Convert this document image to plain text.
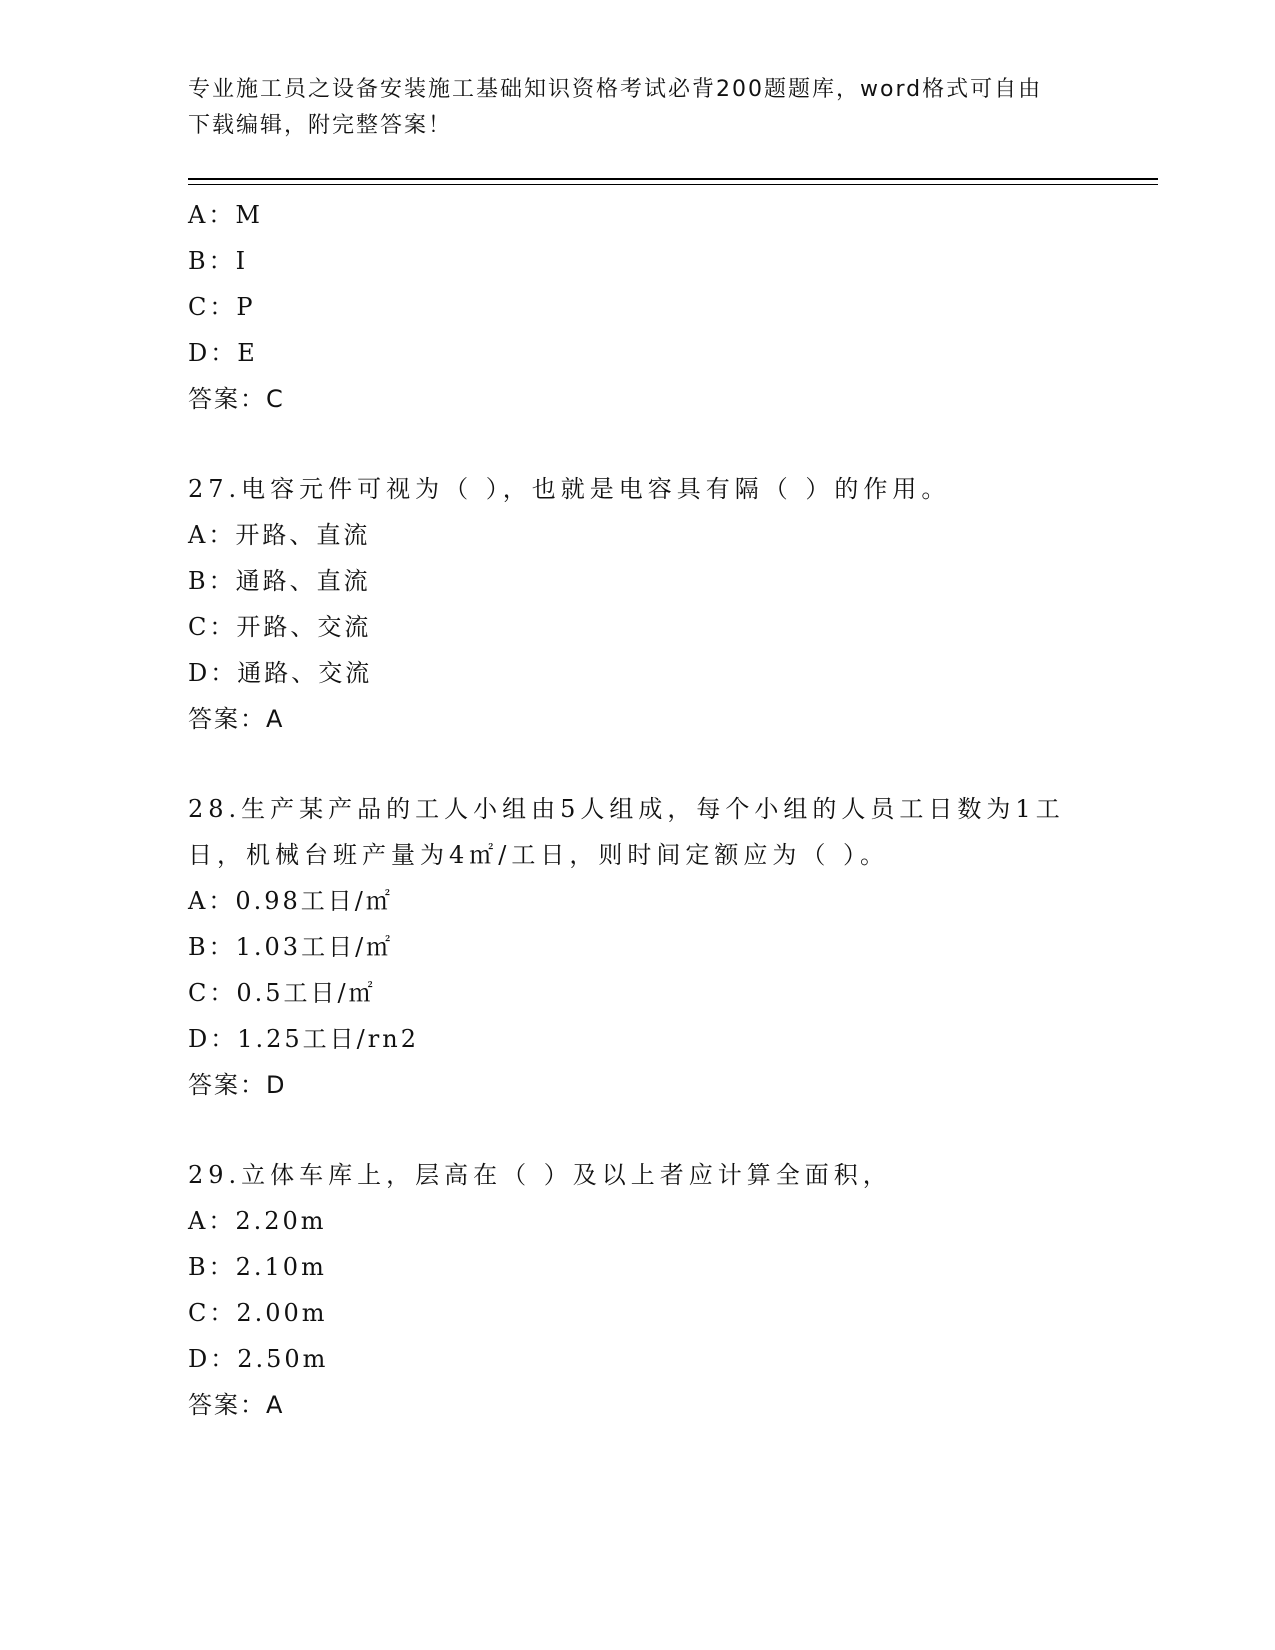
专业施工员之设备安装施工基础知识资格考试必背200题题库，word格式可自由
下载编辑，附完整答案！
A：M
B：I
C：P
D：E
答案：C
27.电容元件可视为（ ），也就是电容具有隔（ ）的作用。
A：开路、直流
B：通路、直流
C：开路、交流
D：通路、交流
答案：A
28.生产某产品的工人小组由5人组成，每个小组的人员工日数为1工日，机械台班产量为4㎡/工日，则时间定额应为（ ）。
A：0.98工日/㎡
B：1.03工日/㎡
C：0.5工日/㎡
D：1.25工日/rn2
答案：D
29.立体车库上，层高在（ ）及以上者应计算全面积，
A：2.20m
B：2.10m
C：2.00m
D：2.50m
答案：A
